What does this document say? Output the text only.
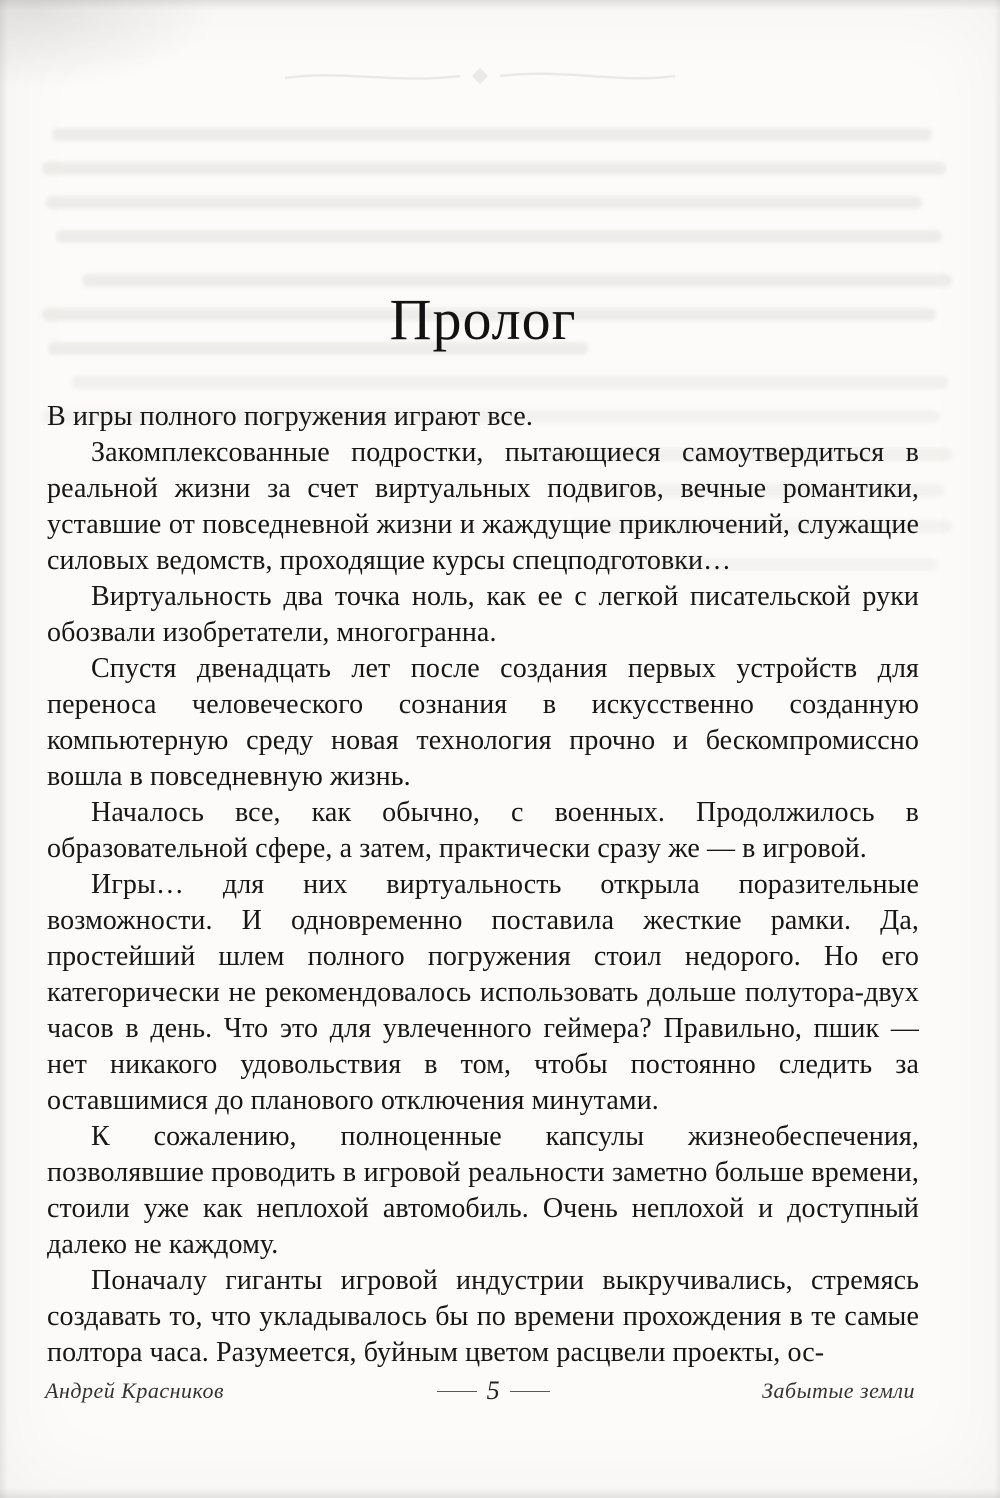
Пролог

В игры полного погружения играют все.

Закомплексованные подростки, пытающиеся самоутвердиться в реальной жизни за счет виртуальных подвигов, вечные романтики, уставшие от повседневной жизни и жаждущие приключений, служащие силовых ведомств, проходящие курсы спецподготовки…

Виртуальность два точка ноль, как ее с легкой писательской руки обозвали изобретатели, многогранна.

Спустя двенадцать лет после создания первых устройств для переноса человеческого сознания в искусственно созданную компьютерную среду новая технология прочно и бескомпромиссно вошла в повседневную жизнь.

Началось все, как обычно, с военных. Продолжилось в образовательной сфере, а затем, практически сразу же — в игровой.

Игры… для них виртуальность открыла поразительные возможности. И одновременно поставила жесткие рамки. Да, простейший шлем полного погружения стоил недорого. Но его категорически не рекомендовалось использовать дольше полутора-двух часов в день. Что это для увлеченного геймера? Правильно, пшик — нет никакого удовольствия в том, чтобы постоянно следить за оставшимися до планового отключения минутами.

К сожалению, полноценные капсулы жизнеобеспечения, позволявшие проводить в игровой реальности заметно больше времени, стоили уже как неплохой автомобиль. Очень неплохой и доступный далеко не каждому.

Поначалу гиганты игровой индустрии выкручивались, стремясь создавать то, что укладывалось бы по времени прохождения в те самые полтора часа. Разумеется, буйным цветом расцвели проекты, ос-

Андрей Красников	5	Забытые земли
